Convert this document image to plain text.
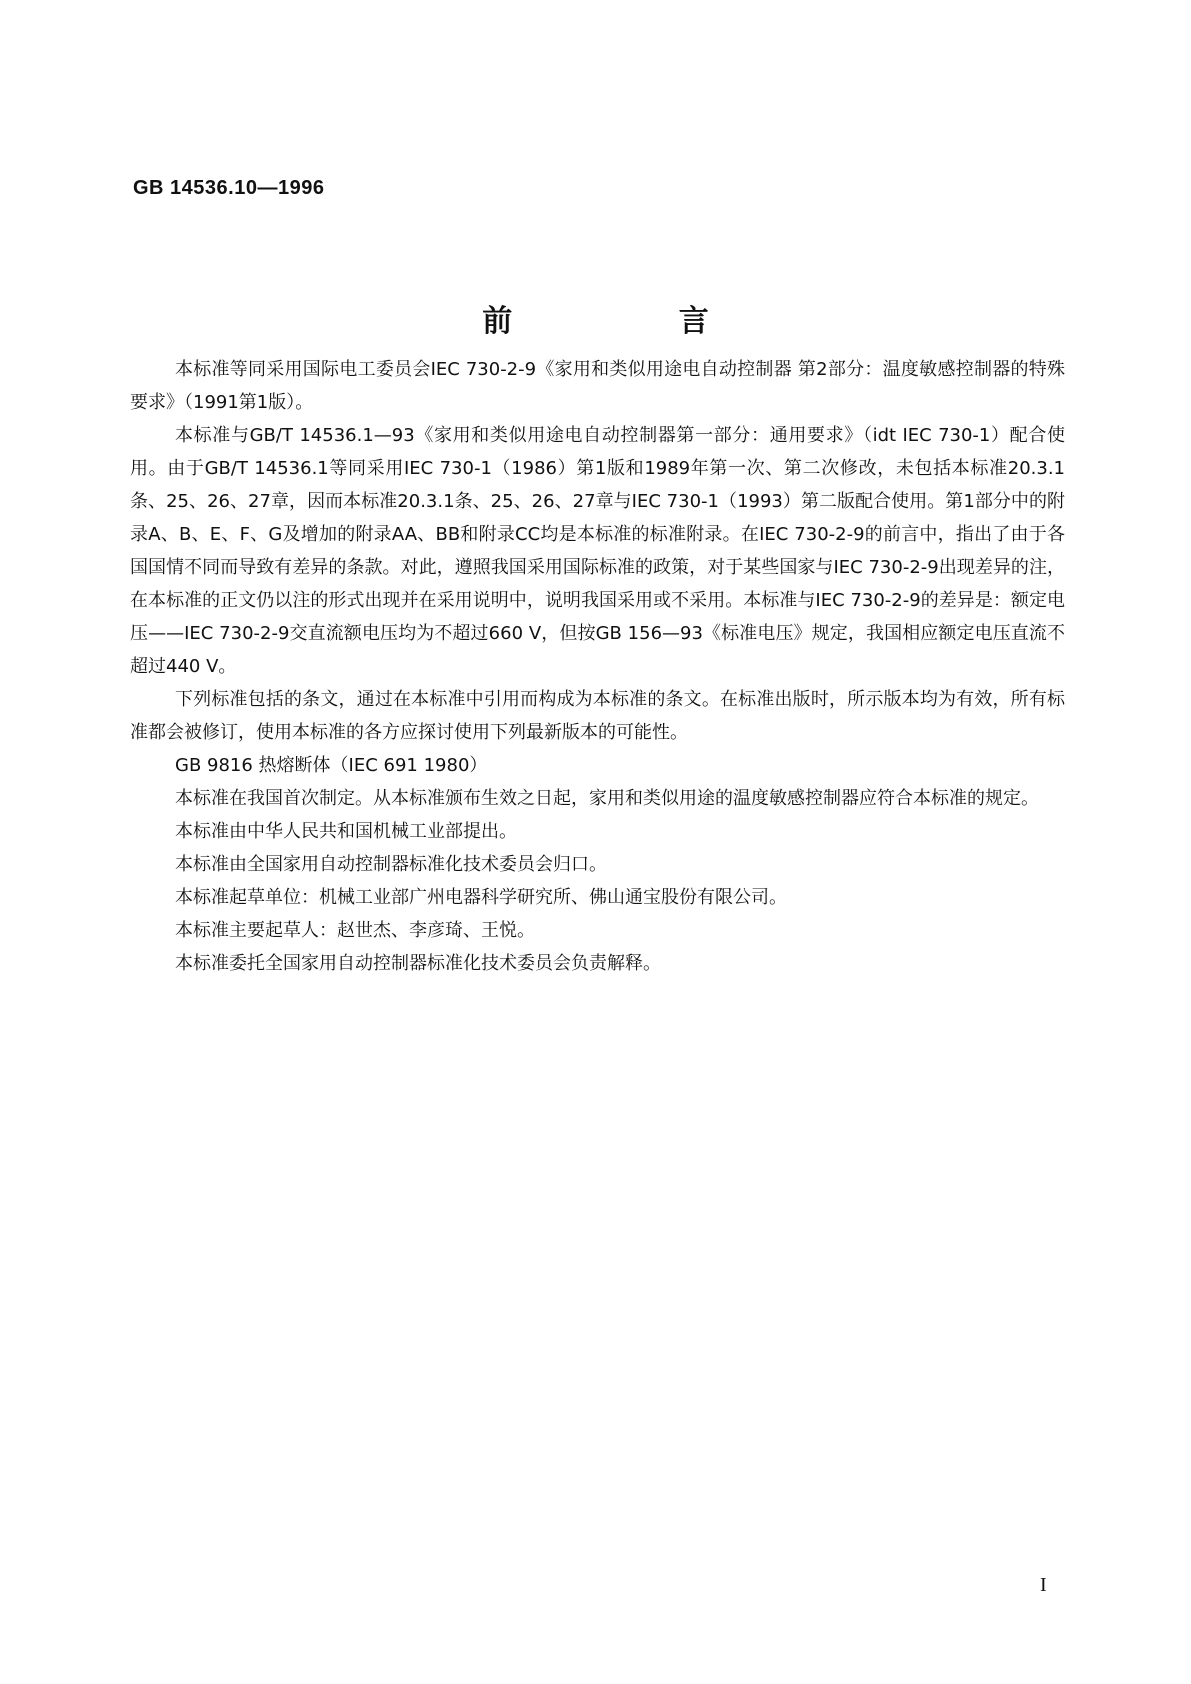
GB 14536.10—1996
前 言

本标准等同采用国际电工委员会IEC 730-2-9《家用和类似用途电自动控制器 第2部分：温度敏感控制器的特殊要求》（1991第1版）。

本标准与GB/T 14536.1—93《家用和类似用途电自动控制器第一部分：通用要求》（idt IEC 730-1）配合使用。由于GB/T 14536.1等同采用IEC 730-1（1986）第1版和1989年第一次、第二次修改，未包括本标准20.3.1条、25、26、27章，因而本标准20.3.1条、25、26、27章与IEC 730-1（1993）第二版配合使用。第1部分中的附录A、B、E、F、G及增加的附录AA、BB和附录CC均是本标准的标准附录。在IEC 730-2-9的前言中，指出了由于各国国情不同而导致有差异的条款。对此，遵照我国采用国际标准的政策，对于某些国家与IEC 730-2-9出现差异的注，在本标准的正文仍以注的形式出现并在采用说明中，说明我国采用或不采用。本标准与IEC 730-2-9的差异是：额定电压——IEC 730-2-9交直流额电压均为不超过660 V，但按GB 156—93《标准电压》规定，我国相应额定电压直流不超过440 V。

下列标准包括的条文，通过在本标准中引用而构成为本标准的条文。在标准出版时，所示版本均为有效，所有标准都会被修订，使用本标准的各方应探讨使用下列最新版本的可能性。

GB 9816 热熔断体（IEC 691 1980）

本标准在我国首次制定。从本标准颁布生效之日起，家用和类似用途的温度敏感控制器应符合本标准的规定。

本标准由中华人民共和国机械工业部提出。

本标准由全国家用自动控制器标准化技术委员会归口。

本标准起草单位：机械工业部广州电器科学研究所、佛山通宝股份有限公司。

本标准主要起草人：赵世杰、李彦琦、王悦。

本标准委托全国家用自动控制器标准化技术委员会负责解释。

I
